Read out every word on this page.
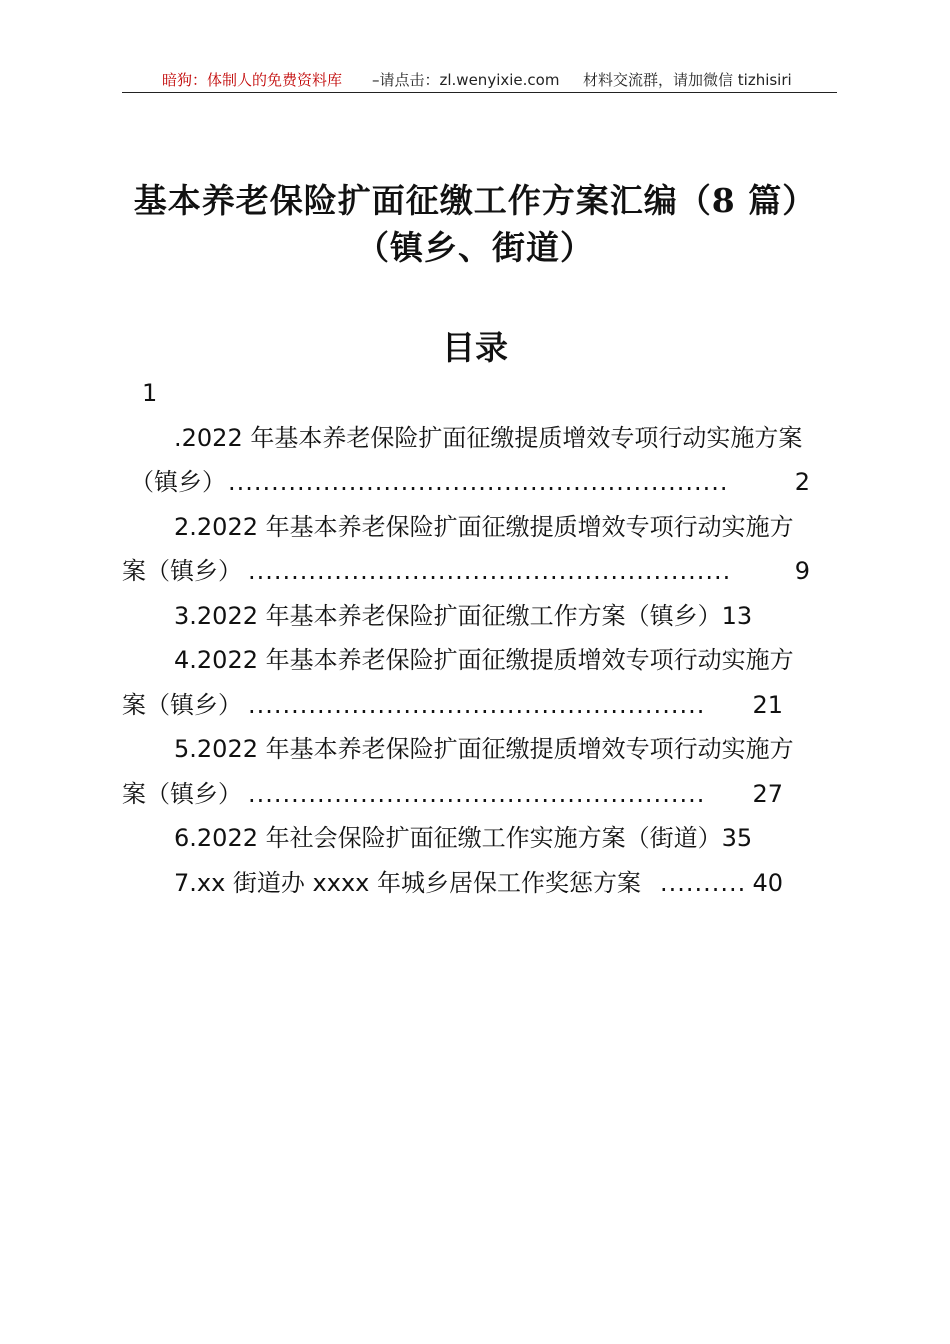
暗狗：体制人的免费资料库 –请点击：zl.wenyixie.com 材料交流群，请加微信 tizhisiri
基本养老保险扩面征缴工作方案汇编（8 篇）
（镇乡、街道）
目录
1
.2022 年基本养老保险扩面征缴提质增效专项行动实施方案
（镇乡） ..........................................................	2
2.2022 年基本养老保险扩面征缴提质增效专项行动实施方
案（镇乡） ........................................................	9
3.2022 年基本养老保险扩面征缴工作方案（镇乡）13
4.2022 年基本养老保险扩面征缴提质增效专项行动实施方
案（镇乡） .....................................................	21
5.2022 年基本养老保险扩面征缴提质增效专项行动实施方
案（镇乡） .....................................................	27
6.2022 年社会保险扩面征缴工作实施方案（街道）35
7.xx 街道办 xxxx 年城乡居保工作奖惩方案 .......... 40
